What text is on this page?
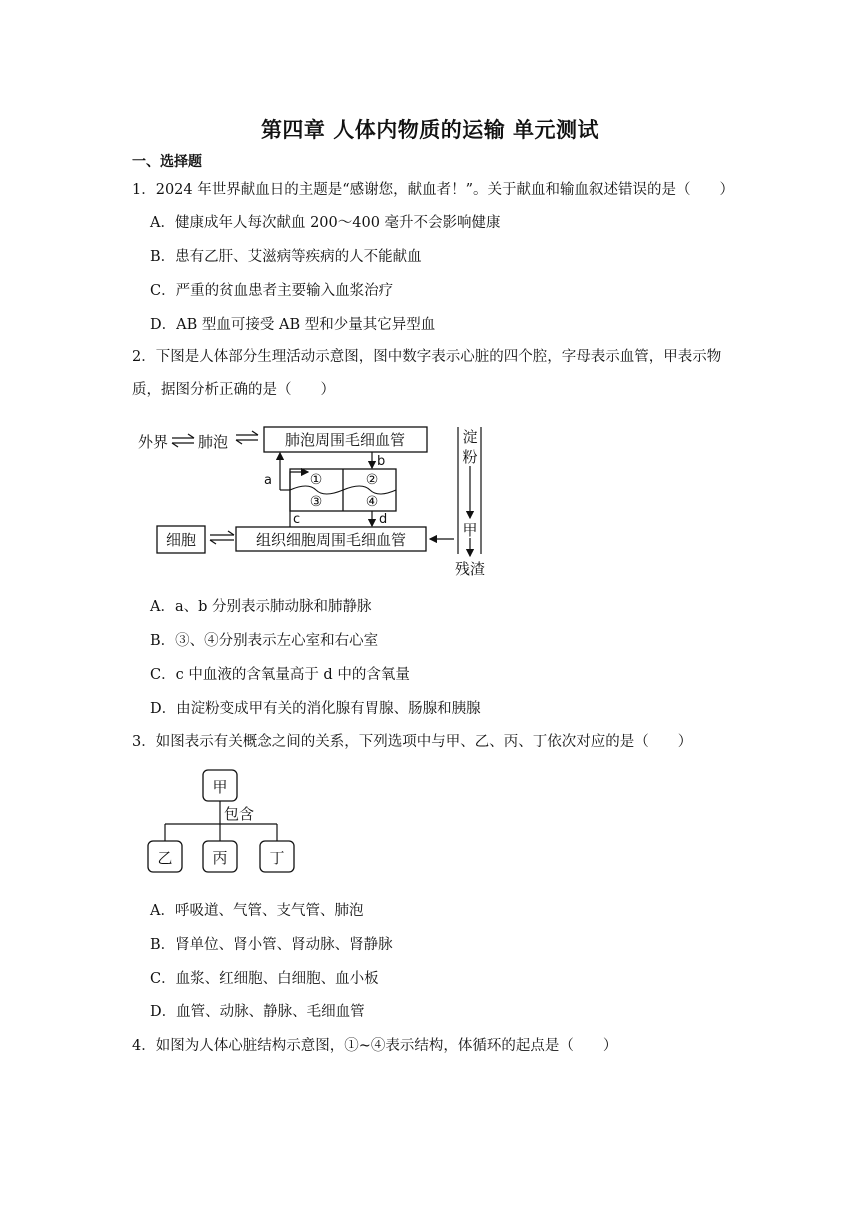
第四章 人体内物质的运输 单元测试
一、选择题
1．2024 年世界献血日的主题是“感谢您，献血者！”。关于献血和输血叙述错误的是（　　）
A．健康成年人每次献血 200～400 毫升不会影响健康
B．患有乙肝、艾滋病等疾病的人不能献血
C．严重的贫血患者主要输入血浆治疗
D．AB 型血可接受 AB 型和少量其它异型血
2．下图是人体部分生理活动示意图，图中数字表示心脏的四个腔，字母表示血管，甲表示物质，据图分析正确的是（　　）
外界 肺泡	肺泡周围毛细血管
①	②
③	④
b
a
c	d
细胞	组织细胞周围毛细血管
淀
粉
甲
残渣
A．a、b 分别表示肺动脉和肺静脉
B．③、④分别表示左心室和右心室
C．c 中血液的含氧量高于 d 中的含氧量
D．由淀粉变成甲有关的消化腺有胃腺、肠腺和胰腺
3．如图表示有关概念之间的关系，下列选项中与甲、乙、丙、丁依次对应的是（　　）
甲
包含
乙	丙	丁
A．呼吸道、气管、支气管、肺泡
B．肾单位、肾小管、肾动脉、肾静脉
C．血浆、红细胞、白细胞、血小板
D．血管、动脉、静脉、毛细血管
4．如图为人体心脏结构示意图，①~④表示结构，体循环的起点是（　　）
